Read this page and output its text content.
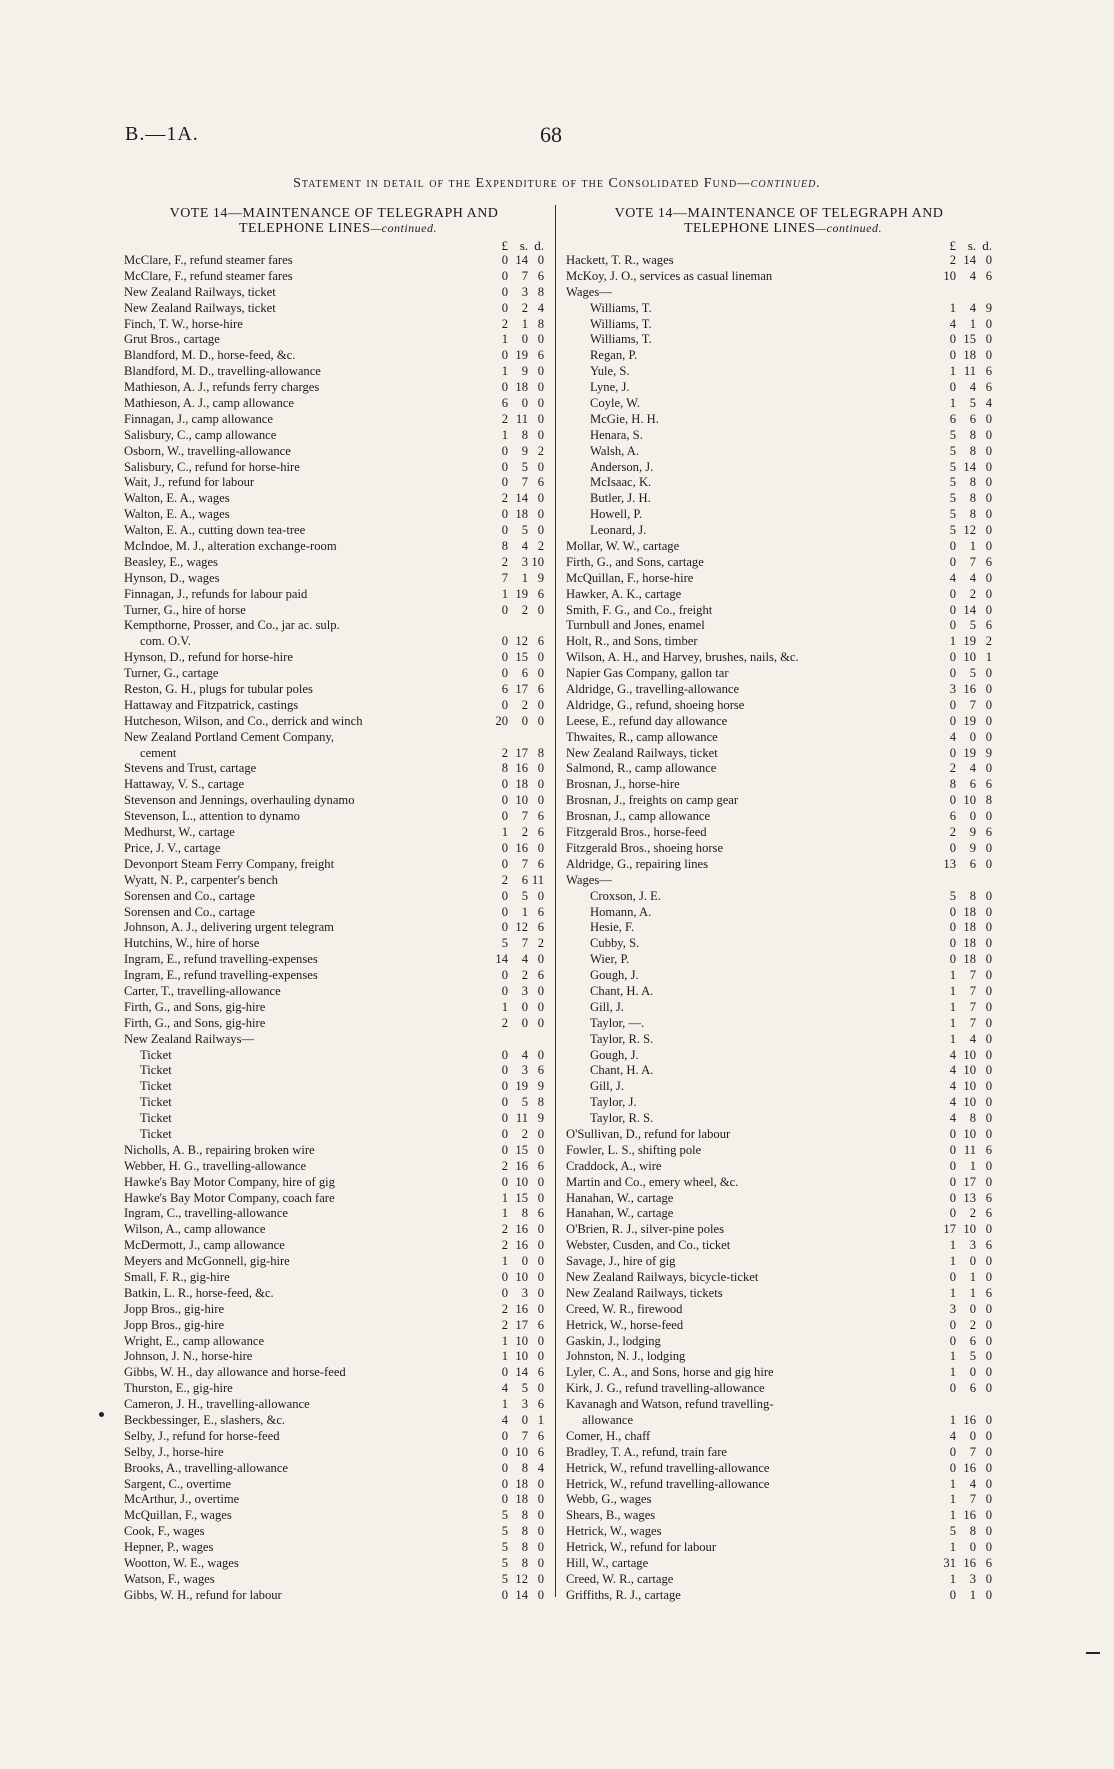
B.—1A.	68
Statement in detail of the Expenditure of the Consolidated Fund—continued.
VOTE 14—MAINTENANCE OF TELEGRAPH AND
TELEPHONE LINES—continued.
£ s. d.
McClare, F., refund steamer fares	0 14 0
McClare, F., refund steamer fares	0	7 6
New Zealand Railways, ticket	0	3 8
New Zealand Railways, ticket	0	2 4
Finch, T. W., horse-hire	2	1 8
Grut Bros., cartage	1	0 0
Blandford, M. D., horse-feed, &c.	0 19 6
Blandford, M. D., travelling-allowance	1	9 0
Mathieson, A. J., refunds ferry charges	0 18 0
Mathieson, A. J., camp allowance	6	0 0
Finnagan, J., camp allowance	2 11 0
Salisbury, C., camp allowance	1	8 0
Osborn, W., travelling-allowance	0	9 2
Salisbury, C., refund for horse-hire	0	5 0
Wait, J., refund for labour	0	7 6
Walton, E. A., wages	2 14 0
Walton, E. A., wages	0 18 0
Walton, E. A., cutting down tea-tree	0	5 0
McIndoe, M. J., alteration exchange-room	8	4 2
Beasley, E., wages	2	3 10
Hynson, D., wages	7	1 9
Finnagan, J., refunds for labour paid	1 19 6
Turner, G., hire of horse	0	2 0
Kempthorne, Prosser, and Co., jar ac. sulp.
com. O.V.	0 12 6
Hynson, D., refund for horse-hire	0 15 0
Turner, G., cartage	0	6 0
Reston, G. H., plugs for tubular poles	6 17 6
Hattaway and Fitzpatrick, castings	0	2 0
Hutcheson, Wilson, and Co., derrick and winch	20	0 0
New Zealand Portland Cement Company,
cement	2 17 8
Stevens and Trust, cartage	8 16 0
Hattaway, V. S., cartage	0 18 0
Stevenson and Jennings, overhauling dynamo	0 10 0
Stevenson, L., attention to dynamo	0	7 6
Medhurst, W., cartage	1	2 6
Price, J. V., cartage	0 16 0
Devonport Steam Ferry Company, freight	0	7 6
Wyatt, N. P., carpenter's bench	2	6 11
Sorensen and Co., cartage	0	5 0
Sorensen and Co., cartage	0	1 6
Johnson, A. J., delivering urgent telegram	0 12 6
Hutchins, W., hire of horse	5	7 2
Ingram, E., refund travelling-expenses	14	4 0
Ingram, E., refund travelling-expenses	0	2 6
Carter, T., travelling-allowance	0	3 0
Firth, G., and Sons, gig-hire	1	0 0
Firth, G., and Sons, gig-hire	2	0 0
New Zealand Railways—
Ticket	0	4 0
Ticket	0	3 6
Ticket	0 19 9
Ticket	0	5 8
Ticket	0 11 9
Ticket	0	2 0
Nicholls, A. B., repairing broken wire	0 15 0
Webber, H. G., travelling-allowance	2 16 6
Hawke's Bay Motor Company, hire of gig	0 10 0
Hawke's Bay Motor Company, coach fare	1 15 0
Ingram, C., travelling-allowance	1	8 6
Wilson, A., camp allowance	2 16 0
McDermott, J., camp allowance	2 16 0
Meyers and McGonnell, gig-hire	1	0 0
Small, F. R., gig-hire	0 10 0
Batkin, L. R., horse-feed, &c.	0	3 0
Jopp Bros., gig-hire	2 16 0
Jopp Bros., gig-hire	2 17 6
Wright, E., camp allowance	1 10 0
Johnson, J. N., horse-hire	1 10 0
Gibbs, W. H., day allowance and horse-feed	0 14 6
Thurston, E., gig-hire	4	5 0
Cameron, J. H., travelling-allowance	1	3 6
Beckbessinger, E., slashers, &c.	4	0 1
Selby, J., refund for horse-feed	0	7 6
Selby, J., horse-hire	0 10 6
Brooks, A., travelling-allowance	0	8 4
Sargent, C., overtime	0 18 0
McArthur, J., overtime	0 18 0
McQuillan, F., wages	5	8 0
Cook, F., wages	5	8 0
Hepner, P., wages	5	8 0
Wootton, W. E., wages	5	8 0
Watson, F., wages	5 12 0
Gibbs, W. H., refund for labour	0 14 0
VOTE 14—MAINTENANCE OF TELEGRAPH AND
TELEPHONE LINES—continued.
£ s. d.
Hackett, T. R., wages	2 14 0
McKoy, J. O., services as casual lineman	10	4 6
Wages—
Williams, T.	1	4 9
Williams, T.	4	1 0
Williams, T.	0 15 0
Regan, P.	0 18 0
Yule, S.	1 11 6
Lyne, J.	0	4 6
Coyle, W.	1	5 4
McGie, H. H.	6	6 0
Henara, S.	5	8 0
Walsh, A.	5	8 0
Anderson, J.	5 14 0
McIsaac, K.	5	8 0
Butler, J. H.	5	8 0
Howell, P.	5	8 0
Leonard, J.	5 12 0
Mollar, W. W., cartage	0	1 0
Firth, G., and Sons, cartage	0	7 6
McQuillan, F., horse-hire	4	4 0
Hawker, A. K., cartage	0	2 0
Smith, F. G., and Co., freight	0 14 0
Turnbull and Jones, enamel	0	5 6
Holt, R., and Sons, timber	1 19 2
Wilson, A. H., and Harvey, brushes, nails, &c.	0 10 1
Napier Gas Company, gallon tar	0	5 0
Aldridge, G., travelling-allowance	3 16 0
Aldridge, G., refund, shoeing horse	0	7 0
Leese, E., refund day allowance	0 19 0
Thwaites, R., camp allowance	4	0 0
New Zealand Railways, ticket	0 19 9
Salmond, R., camp allowance	2	4 0
Brosnan, J., horse-hire	8	6 6
Brosnan, J., freights on camp gear	0 10 8
Brosnan, J., camp allowance	6	0 0
Fitzgerald Bros., horse-feed	2	9 6
Fitzgerald Bros., shoeing horse	0	9 0
Aldridge, G., repairing lines	13	6 0
Wages—
Croxson, J. E.	5	8 0
Homann, A.	0 18 0
Hesie, F.	0 18 0
Cubby, S.	0 18 0
Wier, P.	0 18 0
Gough, J.	1	7 0
Chant, H. A.	1	7 0
Gill, J.	1	7 0
Taylor, —.	1	7 0
Taylor, R. S.	1	4 0
Gough, J.	4 10 0
Chant, H. A.	4 10 0
Gill, J.	4 10 0
Taylor, J.	4 10 0
Taylor, R. S.	4	8 0
O'Sullivan, D., refund for labour	0 10 0
Fowler, L. S., shifting pole	0 11 6
Craddock, A., wire	0	1 0
Martin and Co., emery wheel, &c.	0 17 0
Hanahan, W., cartage	0 13 6
Hanahan, W., cartage	0	2 6
O'Brien, R. J., silver-pine poles	17 10 0
Webster, Cusden, and Co., ticket	1	3 6
Savage, J., hire of gig	1	0 0
New Zealand Railways, bicycle-ticket	0	1 0
New Zealand Railways, tickets	1	1 6
Creed, W. R., firewood	3	0 0
Hetrick, W., horse-feed	0	2 0
Gaskin, J., lodging	0	6 0
Johnston, N. J., lodging	1	5 0
Lyler, C. A., and Sons, horse and gig hire	1	0 0
Kirk, J. G., refund travelling-allowance	0	6 0
Kavanagh and Watson, refund travelling-
allowance	1 16 0
Comer, H., chaff	4	0 0
Bradley, T. A., refund, train fare	0	7 0
Hetrick, W., refund travelling-allowance	0 16 0
Hetrick, W., refund travelling-allowance	1	4 0
Webb, G., wages	1	7 0
Shears, B., wages	1 16 0
Hetrick, W., wages	5	8 0
Hetrick, W., refund for labour	1	0 0
Hill, W., cartage	31 16 6
Creed, W. R., cartage	1	3 0
Griffiths, R. J., cartage	0	1 0
